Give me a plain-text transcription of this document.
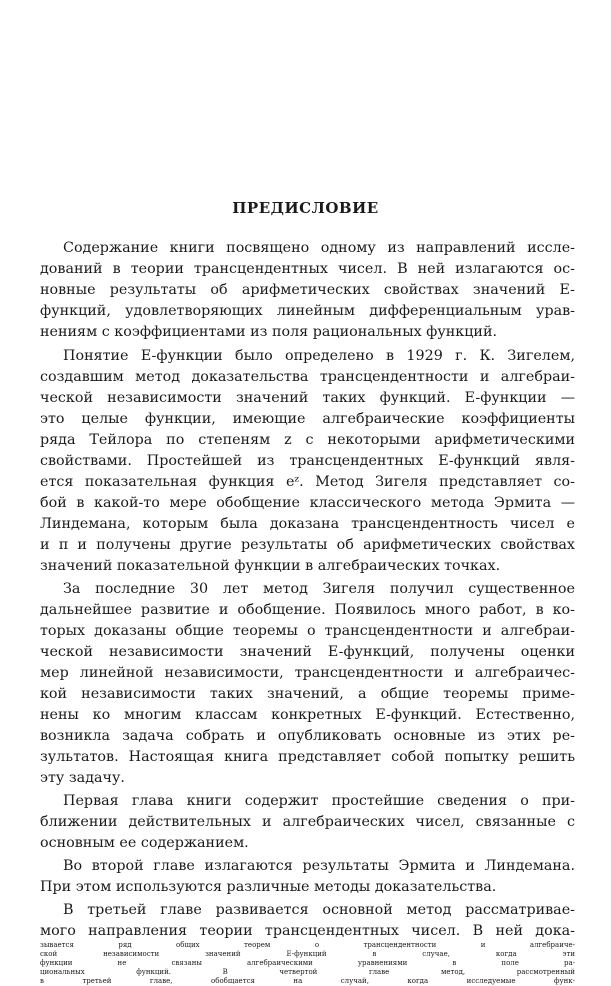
ПРЕДИСЛОВИЕ
Содержание книги посвящено одному из направлений иссле-
дований в теории трансцендентных чисел. В ней излагаются ос-
новные результаты об арифметических свойствах значений E-
функций, удовлетворяющих линейным дифференциальным урав-
нениям с коэффициентами из поля рациональных функций.
Понятие E-функции было определено в 1929 г. К. Зигелем,
создавшим метод доказательства трансцендентности и алгебраи-
ческой независимости значений таких функций. E-функции —
это целые функции, имеющие алгебраические коэффициенты
ряда Тейлора по степеням z с некоторыми арифметическими
свойствами. Простейшей из трансцендентных E-функций явля-
ется показательная функция eᶻ. Метод Зигеля представляет со-
бой в какой-то мере обобщение классического метода Эрмита —
Линдемана, которым была доказана трансцендентность чисел e
и π и получены другие результаты об арифметических свойствах
значений показательной функции в алгебраических точках.
За последние 30 лет метод Зигеля получил существенное
дальнейшее развитие и обобщение. Появилось много работ, в ко-
торых доказаны общие теоремы о трансцендентности и алгебраи-
ческой независимости значений E-функций, получены оценки
мер линейной независимости, трансцендентности и алгебраичес-
кой независимости таких значений, а общие теоремы приме-
нены ко многим классам конкретных E-функций. Естественно,
возникла задача собрать и опубликовать основные из этих ре-
зультатов. Настоящая книга представляет собой попытку решить
эту задачу.
Первая глава книги содержит простейшие сведения о при-
ближении действительных и алгебраических чисел, связанные с
основным ее содержанием.
Во второй главе излагаются результаты Эрмита и Линдемана.
При этом используются различные методы доказательства.
В третьей главе развивается основной метод рассматривае-
мого направления теории трансцендентных чисел. В ней дока-
зывается ряд общих теорем о трансцендентности и алгебраиче-
ской независимости значений E-функций в случае, когда эти
функции не связаны алгебраическими уравнениями в поле ра-
циональных функций. В четвертой главе метод, рассмотренный
в третьей главе, обобщается на случай, когда исследуемые функ-
